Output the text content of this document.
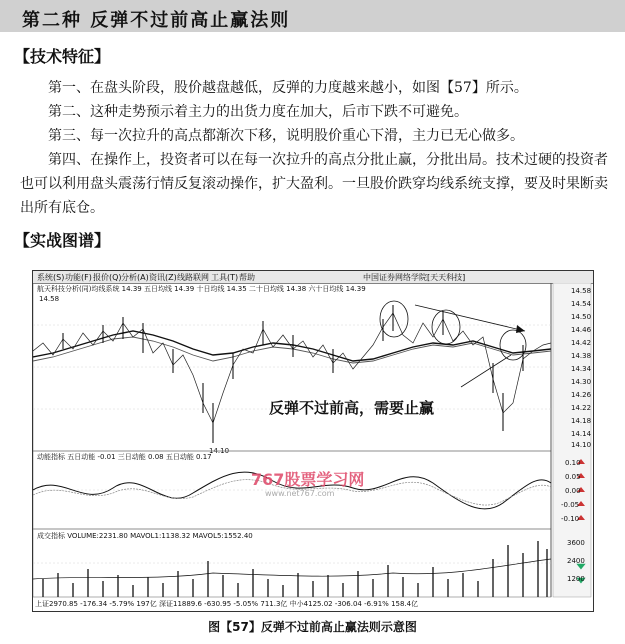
第二种 反弹不过前高止赢法则
【技术特征】
第一、在盘头阶段，股价越盘越低，反弹的力度越来越小，如图【57】所示。
第二、这种走势预示着主力的出货力度在加大，后市下跌不可避免。
第三、每一次拉升的高点都渐次下移，说明股价重心下滑，主力已无心做多。
第四、在操作上，投资者可以在每一次拉升的高点分批止赢，分批出局。技术过硬的投资者也可以利用盘头震荡行情反复滚动操作，扩大盈利。一旦股价跌穿均线系统支撑，要及时果断卖出所有底仓。
【实战图谱】
系统(S) 功能(F) 报价(Q) 分析(A) 资讯(Z) 线路联网 工具(T) 帮助	中国证券网络学院[天天科技]
航天科技分析(同)均线系统 14.39 五日均线 14.39 十日均线 14.35 二十日均线 14.38 六十日均线 14.39
14.58
14.10
14.58
14.54
14.50
14.46
14.42
14.38
14.34
14.30
14.26
14.22
14.18
14.14
14.10
0.10
0.05
0.00
-0.05
-0.10
3600
2400
1200
反弹不过前高，需要止赢
动能指标 五日动能 -0.01 三日动能 0.08 五日动能 0.17
767股票学习网
www.net767.com
成交指标 VOLUME:2231.80 MAVOL1:1138.32 MAVOL5:1552.40
上证2970.85 -176.34 -5.79% 197亿 深证11889.6 -630.95 -5.05% 711.3亿 中小4125.02 -306.04 -6.91% 158.4亿
图【57】反弹不过前高止赢法则示意图
